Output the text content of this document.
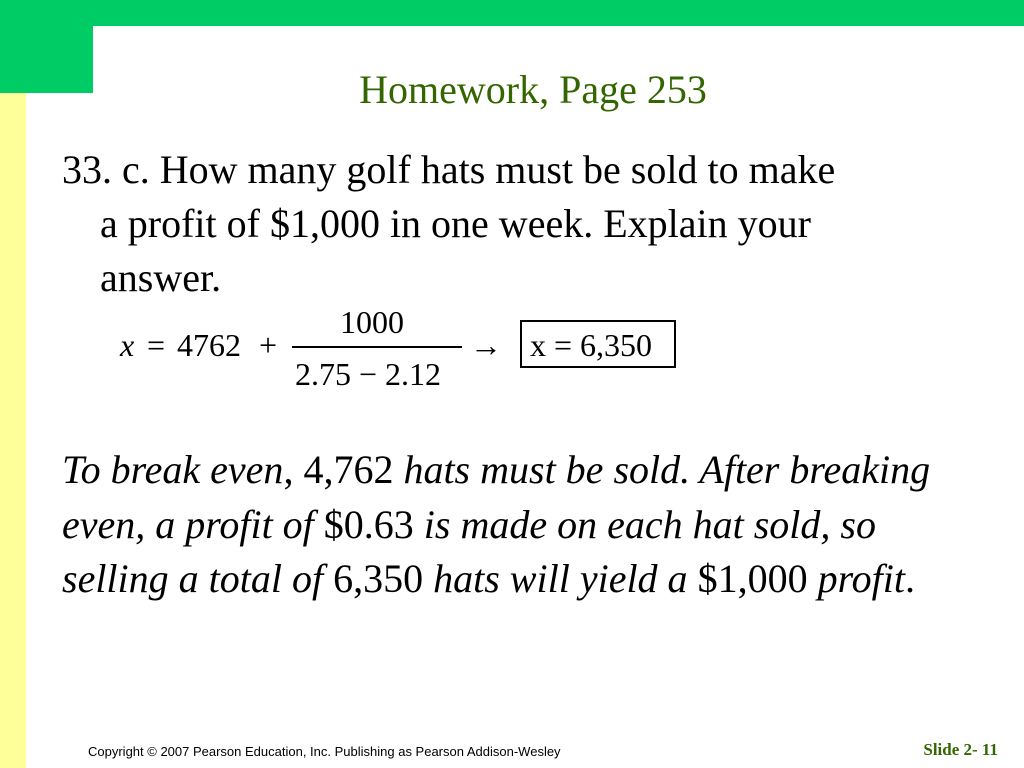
Homework, Page 253
33. c. How many golf hats must be sold to make
a profit of $1,000 in one week. Explain your
answer.
x = 4762 +
1000
2.75 − 2.12
→ x = 6,350
To break even, 4,762 hats must be sold. After breaking even, a profit of $0.63 is made on each hat sold, so selling a total of 6,350 hats will yield a $1,000 profit.
Copyright © 2007 Pearson Education, Inc. Publishing as Pearson Addison-Wesley	Slide 2- 11
